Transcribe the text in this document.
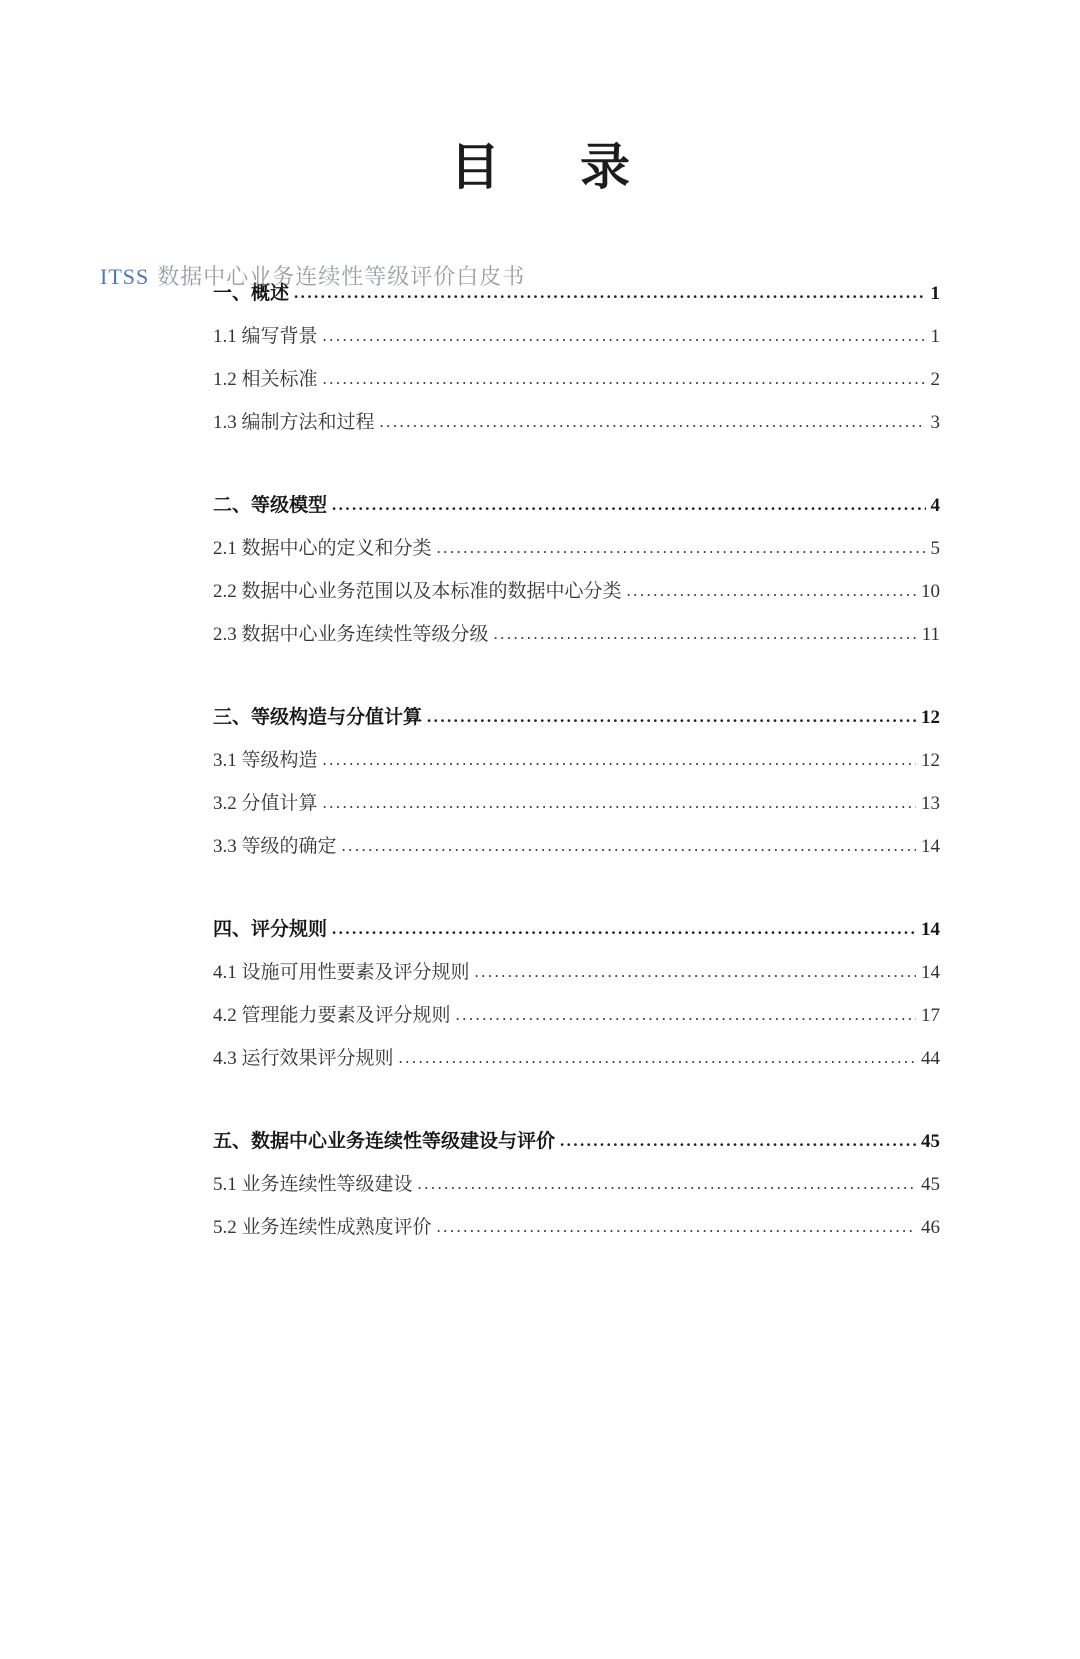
ITSS 数据中心业务连续性等级评价白皮书
目　录
一、概述 .....	1
1.1 编写背景 .....	1
1.2 相关标准 .....	2
1.3 编制方法和过程 .....	3
二、等级模型 .....	4
2.1 数据中心的定义和分类 .....	5
2.2 数据中心业务范围以及本标准的数据中心分类 .....	10
2.3 数据中心业务连续性等级分级 .....	11
三、等级构造与分值计算 .....	12
3.1 等级构造 .....	12
3.2 分值计算 .....	13
3.3 等级的确定 .....	14
四、评分规则 .....	14
4.1 设施可用性要素及评分规则 .....	14
4.2 管理能力要素及评分规则 .....	17
4.3 运行效果评分规则 .....	44
五、数据中心业务连续性等级建设与评价 .....	45
5.1 业务连续性等级建设 .....	45
5.2 业务连续性成熟度评价 .....	46
